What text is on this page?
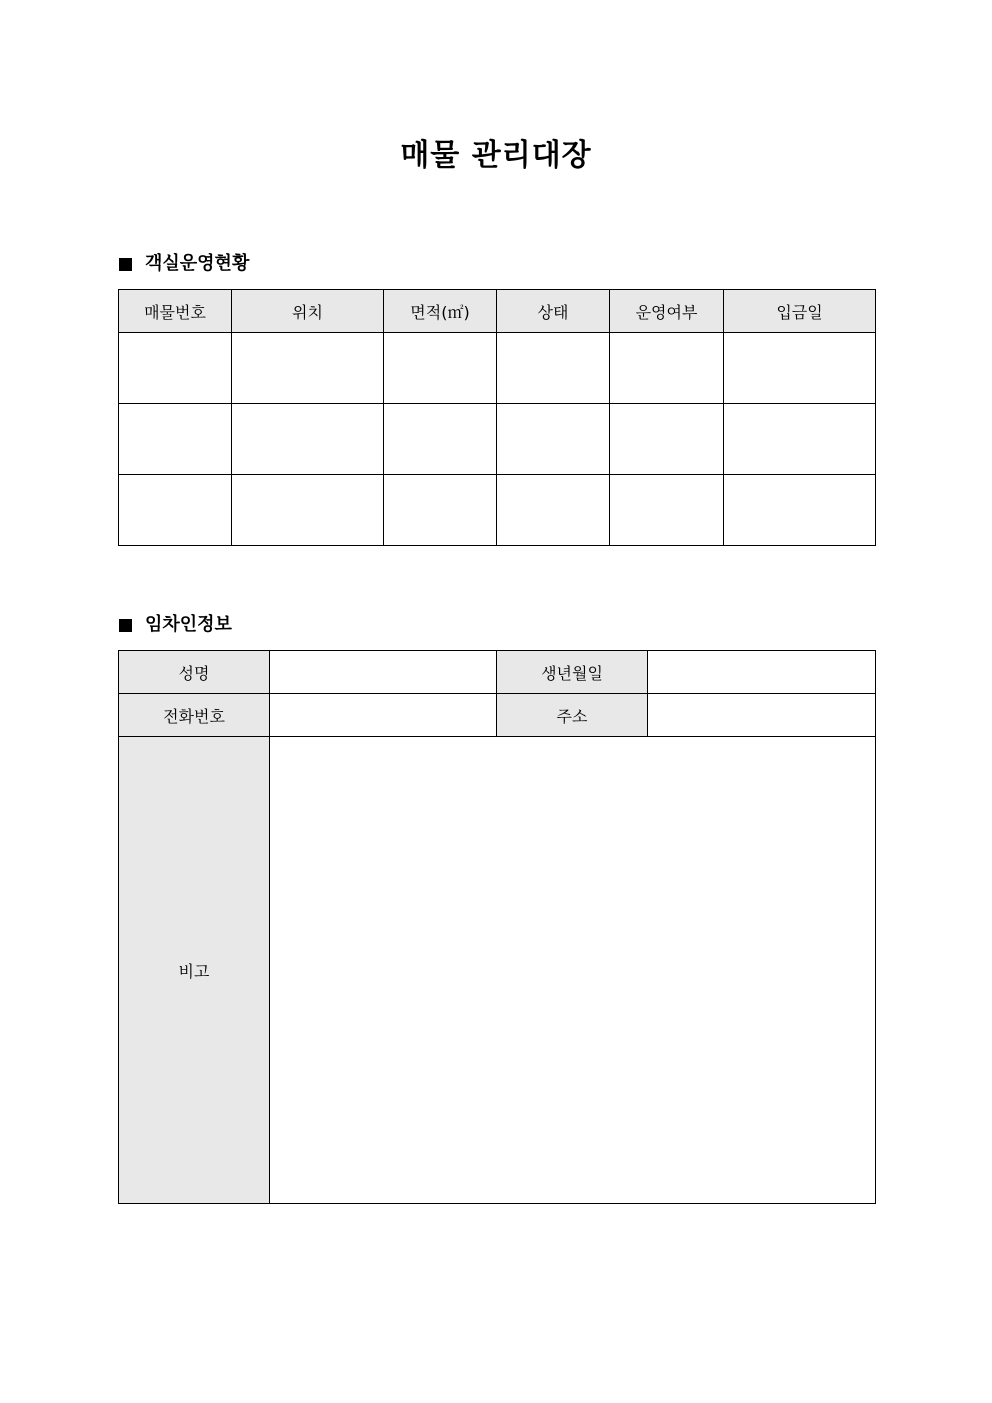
매물 관리대장
객실운영현황
매물번호	위치	면적(㎡)	상태	운영여부	입금일

임차인정보
성명		생년월일	
전화번호		주소	
비고			
